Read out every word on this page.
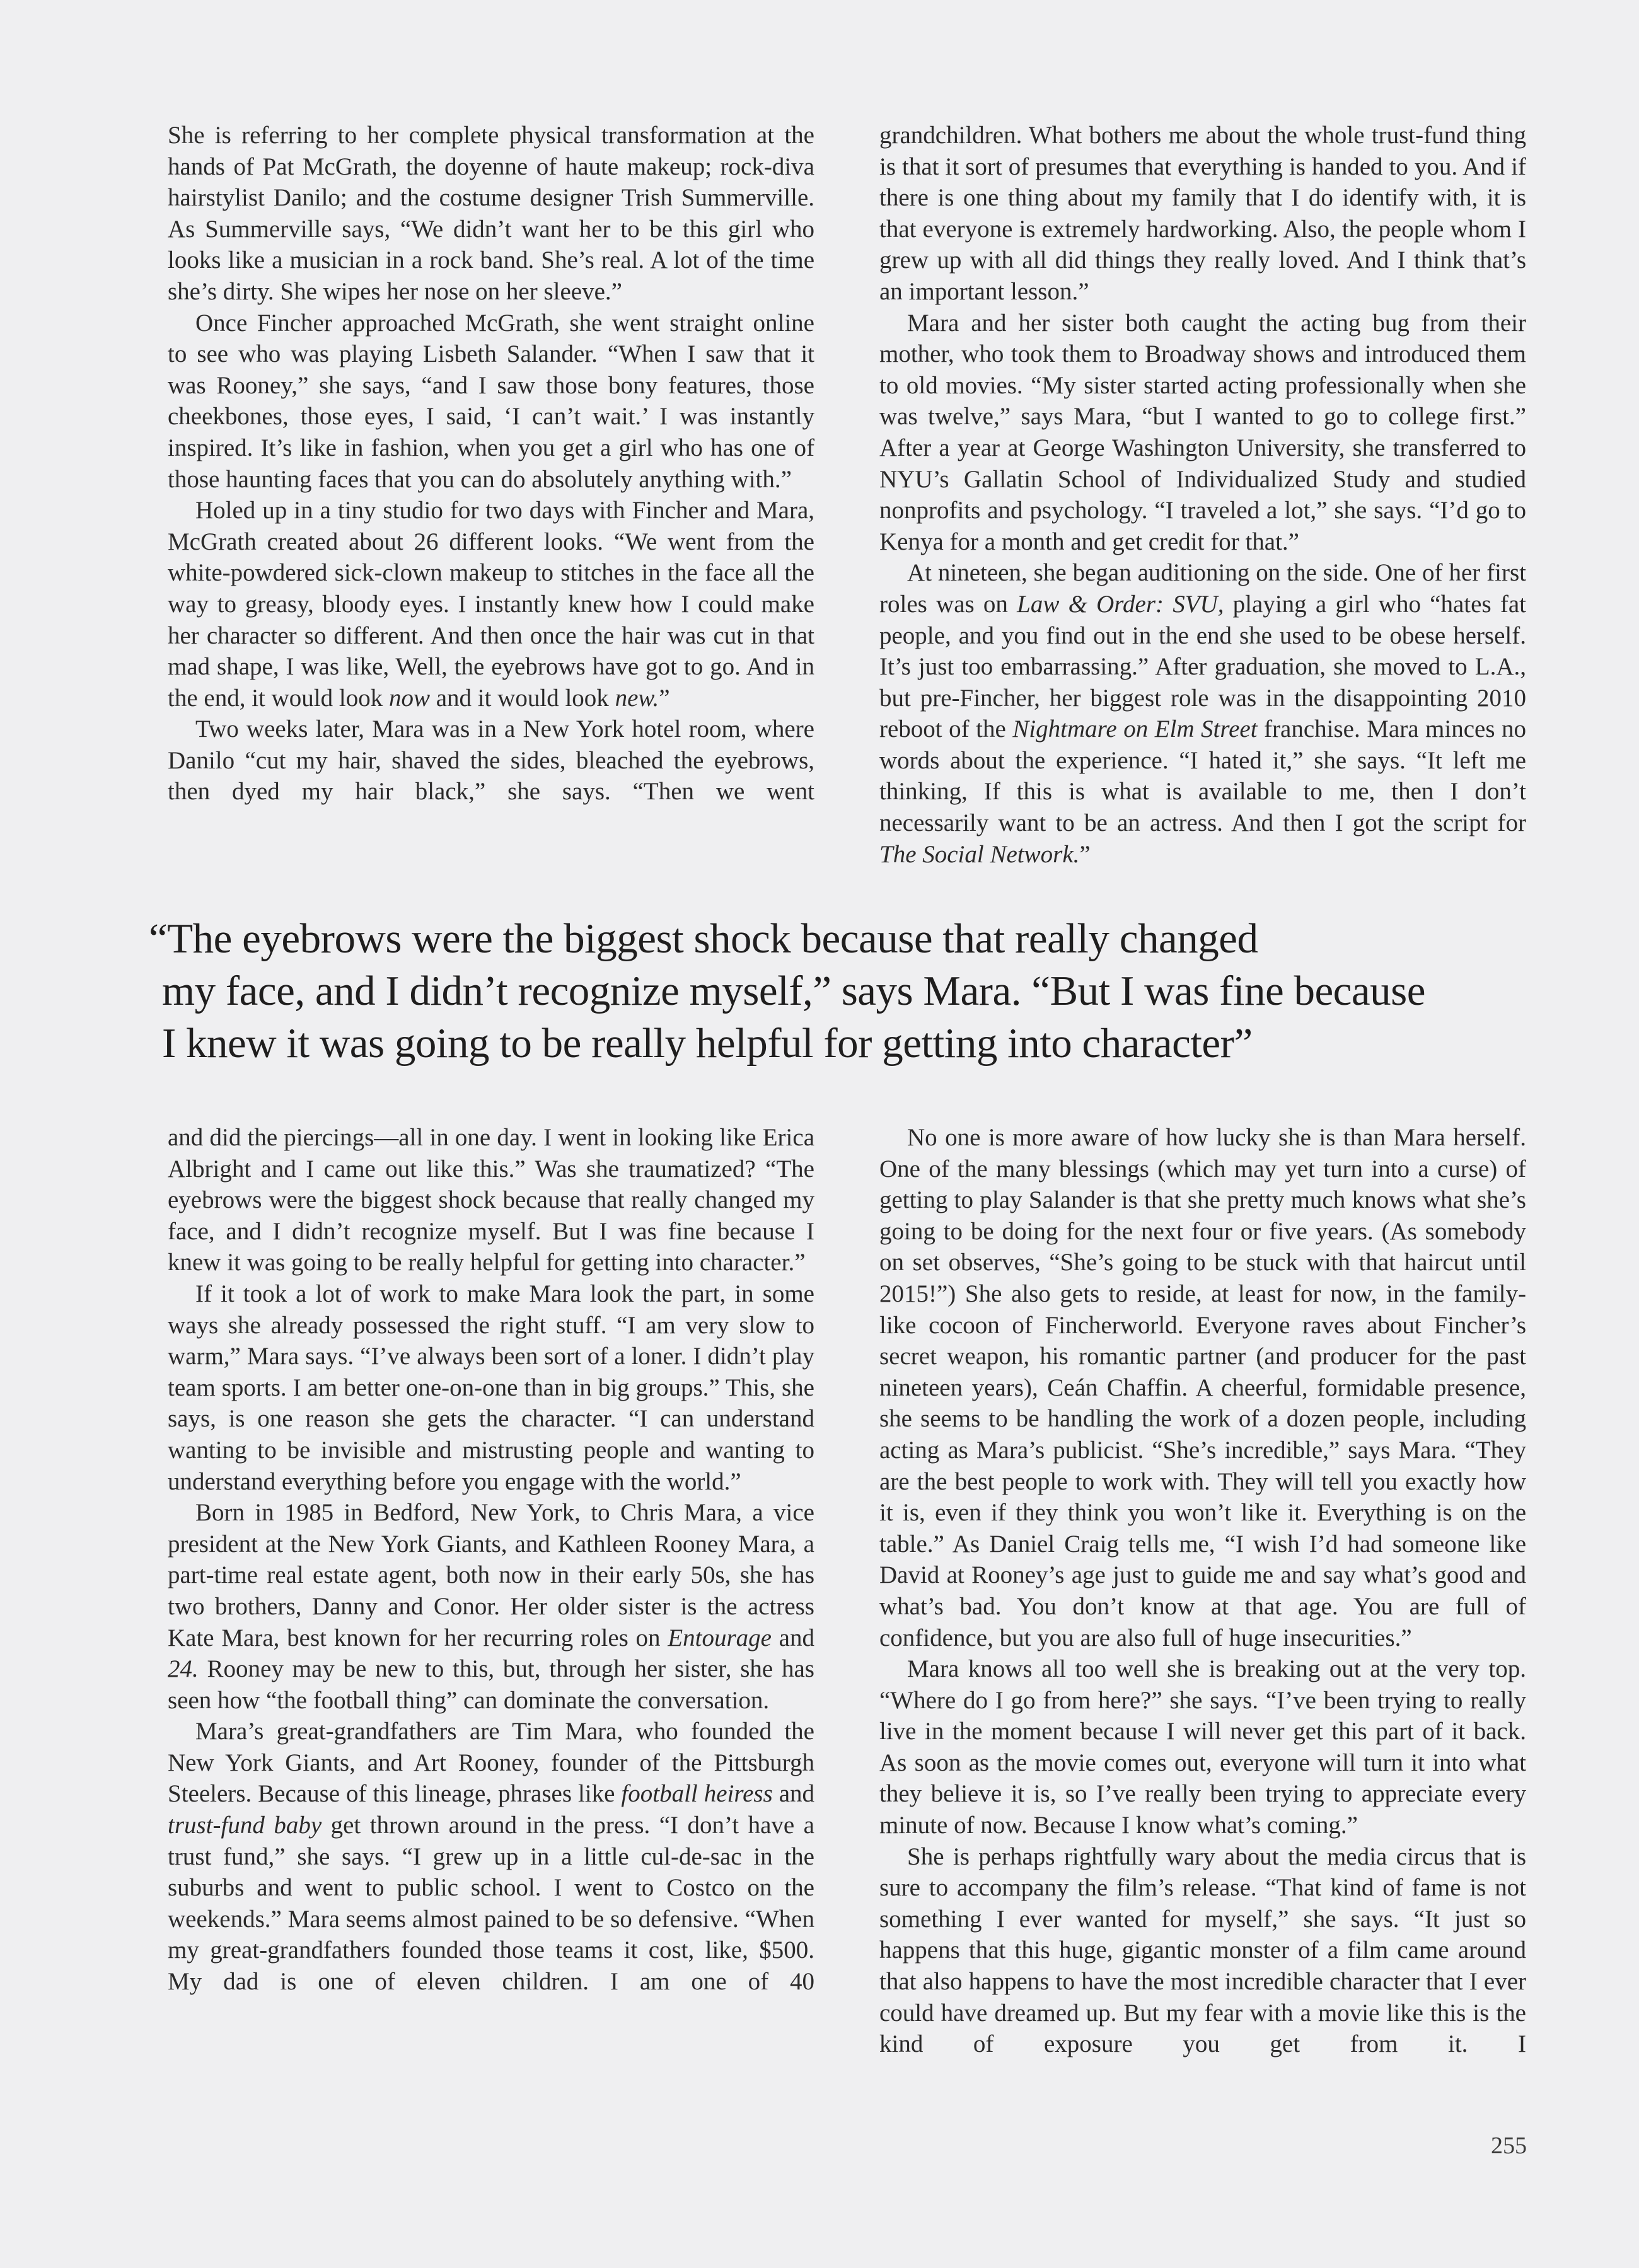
She is referring to her complete physical transformation at the hands of Pat McGrath, the doyenne of haute makeup; rock-diva hairstylist Danilo; and the costume designer Trish Summerville. As Summerville says, “We didn’t want her to be this girl who looks like a musician in a rock band. She’s real. A lot of the time she’s dirty. She wipes her nose on her sleeve.”

Once Fincher approached McGrath, she went straight online to see who was playing Lisbeth Salander. “When I saw that it was Rooney,” she says, “and I saw those bony features, those cheekbones, those eyes, I said, ‘I can’t wait.’ I was instantly inspired. It’s like in fashion, when you get a girl who has one of those haunting faces that you can do absolutely anything with.”

Holed up in a tiny studio for two days with Fincher and Mara, McGrath created about 26 different looks. “We went from the white-powdered sick-clown makeup to stitches in the face all the way to greasy, bloody eyes. I instantly knew how I could make her character so different. And then once the hair was cut in that mad shape, I was like, Well, the eyebrows have got to go. And in the end, it would look now and it would look new.”

Two weeks later, Mara was in a New York hotel room, where Danilo “cut my hair, shaved the sides, bleached the eyebrows, then dyed my hair black,” she says. “Then we went

grandchildren. What bothers me about the whole trust-fund thing is that it sort of presumes that everything is handed to you. And if there is one thing about my family that I do identify with, it is that everyone is extremely hardworking. Also, the people whom I grew up with all did things they really loved. And I think that’s an important lesson.”

Mara and her sister both caught the acting bug from their mother, who took them to Broadway shows and introduced them to old movies. “My sister started acting professionally when she was twelve,” says Mara, “but I wanted to go to college first.” After a year at George Washington University, she transferred to NYU’s Gallatin School of Individualized Study and studied nonprofits and psychology. “I traveled a lot,” she says. “I’d go to Kenya for a month and get credit for that.”

At nineteen, she began auditioning on the side. One of her first roles was on Law & Order: SVU, playing a girl who “hates fat people, and you find out in the end she used to be obese herself. It’s just too embarrassing.” After graduation, she moved to L.A., but pre-Fincher, her biggest role was in the disappointing 2010 reboot of the Nightmare on Elm Street franchise. Mara minces no words about the experience. “I hated it,” she says. “It left me thinking, If this is what is available to me, then I don’t necessarily want to be an actress. And then I got the script for The Social Network.”

“The eyebrows were the biggest shock because that really changed
my face, and I didn’t recognize myself,” says Mara. “But I was fine because
I knew it was going to be really helpful for getting into character”

and did the piercings—all in one day. I went in looking like Erica Albright and I came out like this.” Was she traumatized? “The eyebrows were the biggest shock because that really changed my face, and I didn’t recognize myself. But I was fine because I knew it was going to be really helpful for getting into character.”

If it took a lot of work to make Mara look the part, in some ways she already possessed the right stuff. “I am very slow to warm,” Mara says. “I’ve always been sort of a loner. I didn’t play team sports. I am better one-on-one than in big groups.” This, she says, is one reason she gets the character. “I can understand wanting to be invisible and mistrusting people and wanting to understand everything before you engage with the world.”

Born in 1985 in Bedford, New York, to Chris Mara, a vice president at the New York Giants, and Kathleen Rooney Mara, a part-time real estate agent, both now in their early 50s, she has two brothers, Danny and Conor. Her older sister is the actress Kate Mara, best known for her recurring roles on Entourage and 24. Rooney may be new to this, but, through her sister, she has seen how “the football thing” can dominate the conversation.

Mara’s great-grandfathers are Tim Mara, who founded the New York Giants, and Art Rooney, founder of the Pittsburgh Steelers. Because of this lineage, phrases like football heiress and trust-fund baby get thrown around in the press. “I don’t have a trust fund,” she says. “I grew up in a little cul-de-sac in the suburbs and went to public school. I went to Costco on the weekends.” Mara seems almost pained to be so defensive. “When my great-grandfathers founded those teams it cost, like, $500. My dad is one of eleven children. I am one of 40

No one is more aware of how lucky she is than Mara herself. One of the many blessings (which may yet turn into a curse) of getting to play Salander is that she pretty much knows what she’s going to be doing for the next four or five years. (As somebody on set observes, “She’s going to be stuck with that haircut until 2015!”) She also gets to reside, at least for now, in the family-like cocoon of Fincherworld. Everyone raves about Fincher’s secret weapon, his romantic partner (and producer for the past nineteen years), Ceán Chaffin. A cheerful, formidable presence, she seems to be handling the work of a dozen people, including acting as Mara’s publicist. “She’s incredible,” says Mara. “They are the best people to work with. They will tell you exactly how it is, even if they think you won’t like it. Everything is on the table.” As Daniel Craig tells me, “I wish I’d had someone like David at Rooney’s age just to guide me and say what’s good and what’s bad. You don’t know at that age. You are full of confidence, but you are also full of huge insecurities.”

Mara knows all too well she is breaking out at the very top. “Where do I go from here?” she says. “I’ve been trying to really live in the moment because I will never get this part of it back. As soon as the movie comes out, everyone will turn it into what they believe it is, so I’ve really been trying to appreciate every minute of now. Because I know what’s coming.”

She is perhaps rightfully wary about the media circus that is sure to accompany the film’s release. “That kind of fame is not something I ever wanted for myself,” she says. “It just so happens that this huge, gigantic monster of a film came around that also happens to have the most incredible character that I ever could have dreamed up. But my fear with a movie like this is the kind of exposure you get from it. I

255
